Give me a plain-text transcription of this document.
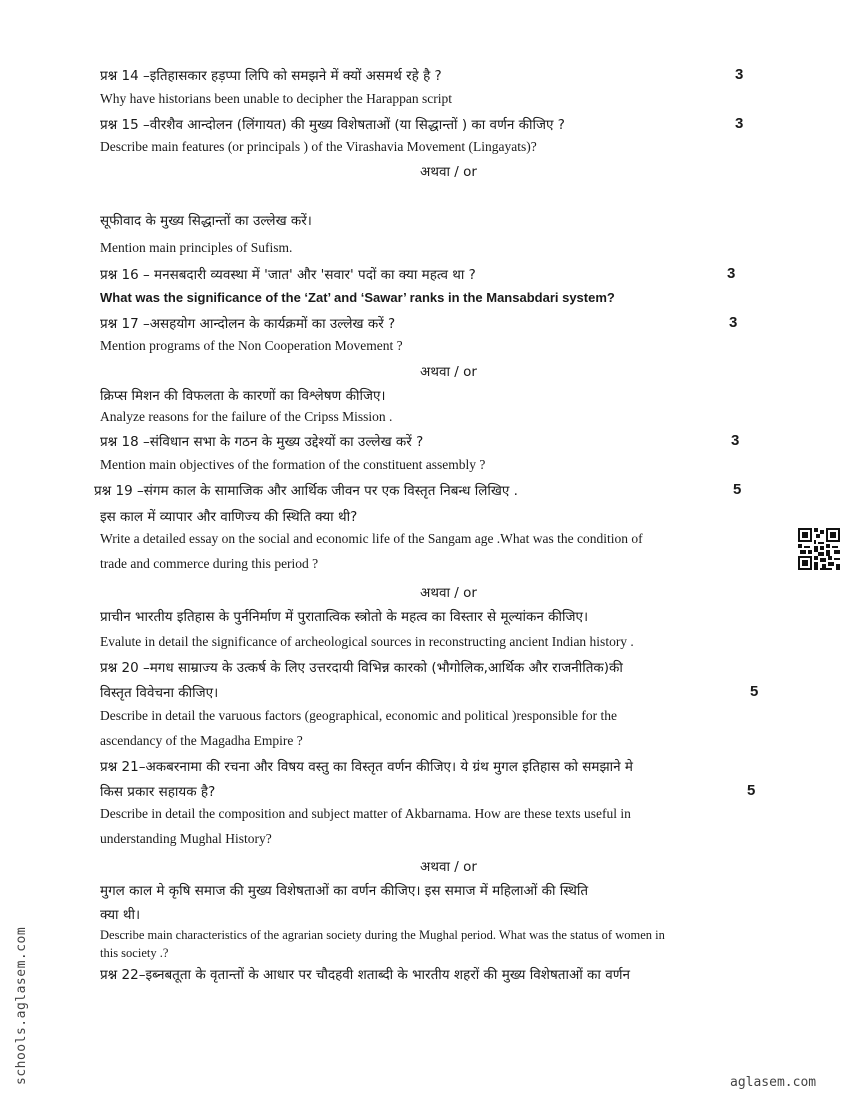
प्रश्न 14 –इतिहासकार हड़प्पा लिपि को समझने में क्यों असमर्थ रहे है ?	3
Why have historians been unable to decipher the Harappan script
प्रश्न 15 –वीरशैव आन्दोलन (लिंगायत) की मुख्य विशेषताओं (या सिद्धान्तों ) का वर्णन कीजिए ?	3
Describe main features (or principals ) of the Virashavia Movement (Lingayats)?
अथवा / or
सूफीवाद के मुख्य सिद्धान्तों का उल्लेख करें।
Mention main principles of Sufism.
प्रश्न 16 – मनसबदारी व्यवस्था में 'जात' और 'सवार' पदों का क्या महत्व था ?	3
What was the significance of the ‘Zat’ and ‘Sawar’ ranks in the Mansabdari system?
प्रश्न 17 –असहयोग आन्दोलन के कार्यक्रमों का उल्लेख करें ?	3
Mention programs of the Non Cooperation Movement ?
अथवा / or
क्रिप्स मिशन की विफलता के कारणों का विश्लेषण कीजिए।
Analyze reasons for the failure of the Cripss Mission .
प्रश्न 18 –संविधान सभा के गठन के मुख्य उद्देश्यों का उल्लेख करें ?	3
Mention main objectives of the formation of the constituent assembly ?
प्रश्न 19 –संगम काल के सामाजिक और आर्थिक जीवन पर एक विस्तृत निबन्ध लिखिए .	5
इस काल में व्यापार और वाणिज्य की स्थिति क्या थी?
Write a detailed essay on the social and economic life of the Sangam age .What was the condition of
trade and commerce during this period ?
अथवा / or
प्राचीन भारतीय इतिहास के पुर्ननिर्माण में पुरातात्विक स्त्रोतो के महत्व का विस्तार से मूल्यांकन कीजिए।
Evalute in detail the significance of archeological sources in reconstructing ancient Indian history .
प्रश्न 20 –मगध साम्राज्य के उत्कर्ष के लिए उत्तरदायी विभिन्न कारको (भौगोलिक,आर्थिक और राजनीतिक)की
विस्तृत विवेचना कीजिए।	5
Describe in detail the varuous factors (geographical, economic and political )responsible for the
ascendancy of the Magadha Empire ?
प्रश्न 21–अकबरनामा की रचना और विषय वस्तु का विस्तृत वर्णन कीजिए। ये ग्रंथ मुगल इतिहास को समझाने मे
किस प्रकार सहायक है?	5
Describe in detail the composition and subject matter of Akbarnama. How are these texts useful in
understanding Mughal History?
अथवा / or
मुगल काल मे कृषि समाज की मुख्य विशेषताओं का वर्णन कीजिए। इस समाज में महिलाओं की स्थिति
क्या थी।
Describe main characteristics of the agrarian society during the Mughal period. What was the status of women in
this society .?
प्रश्न 22–इब्नबतूता के वृतान्तों के आधार पर चौदहवी शताब्दी के भारतीय शहरों की मुख्य विशेषताओं का वर्णन
schools.aglasem.com	aglasem.com
